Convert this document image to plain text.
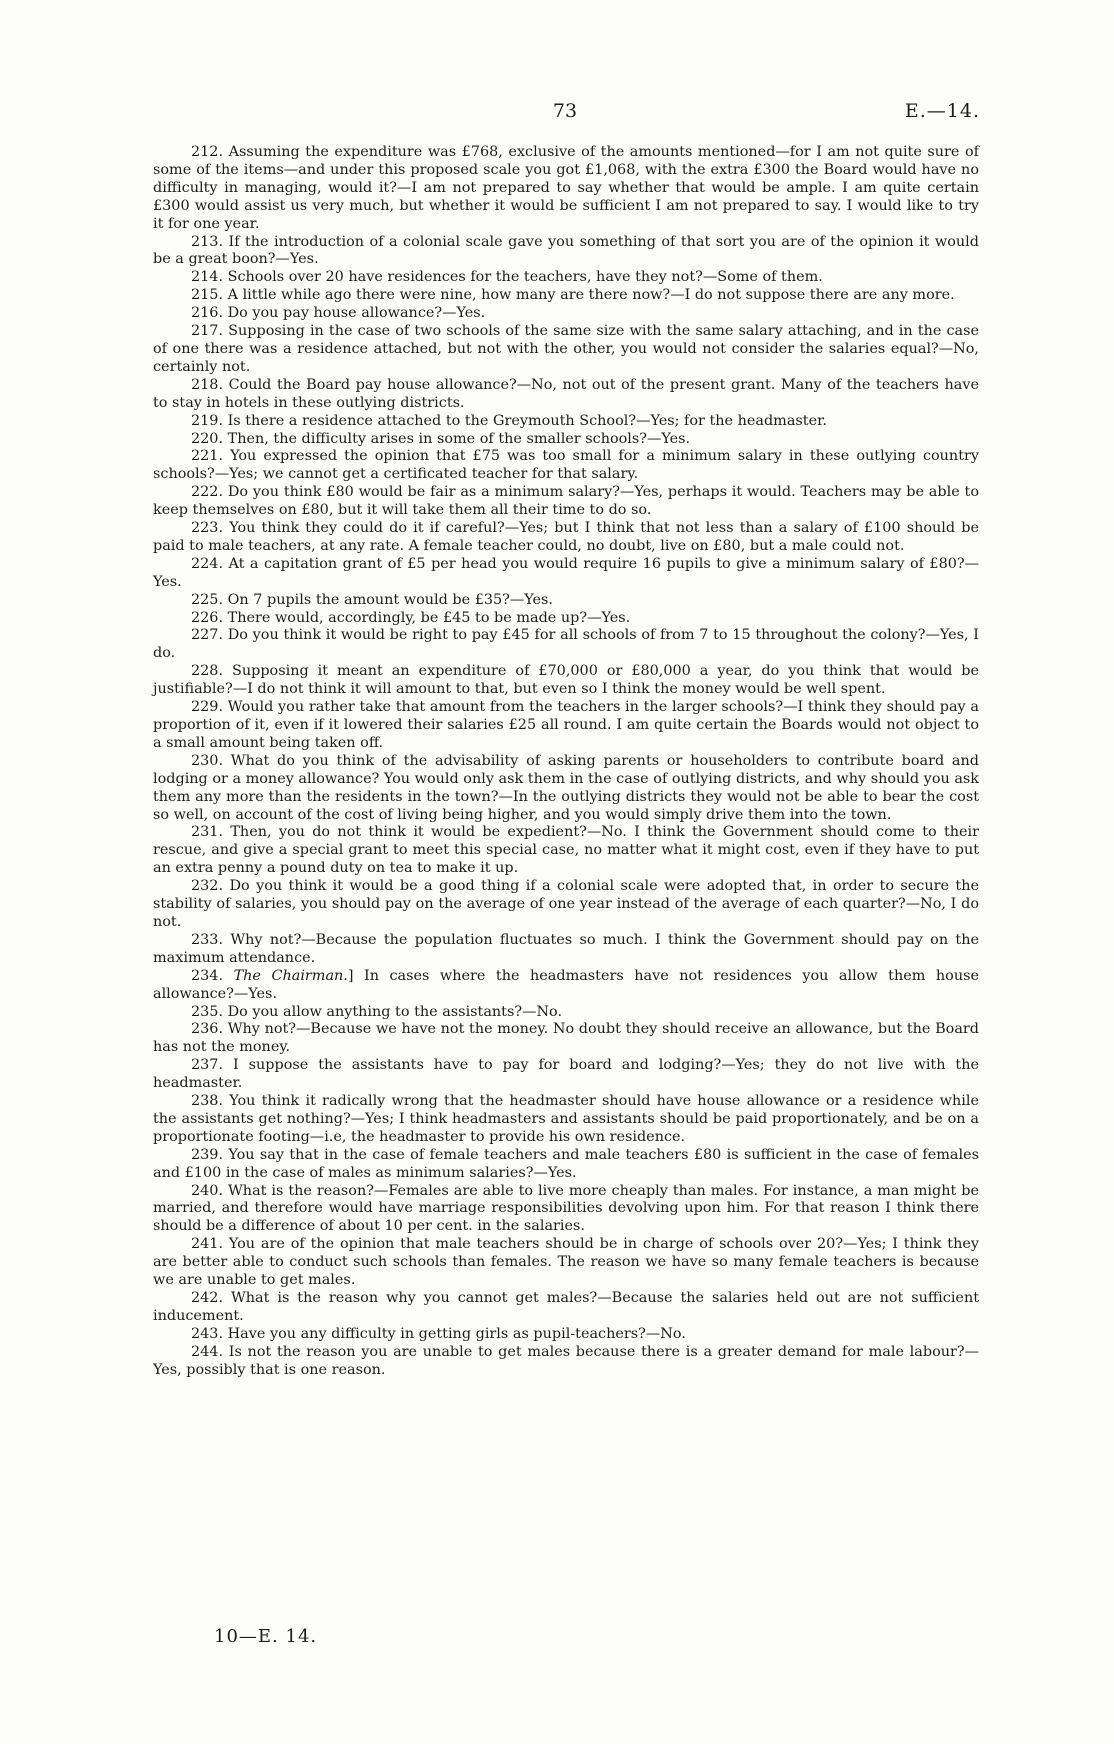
73	E.—14.

212. Assuming the expenditure was £768, exclusive of the amounts mentioned—for I am not quite sure of some of the items—and under this proposed scale you got £1,068, with the extra £300 the Board would have no difficulty in managing, would it?—I am not prepared to say whether that would be ample. I am quite certain £300 would assist us very much, but whether it would be sufficient I am not prepared to say. I would like to try it for one year.

213. If the introduction of a colonial scale gave you something of that sort you are of the opinion it would be a great boon?—Yes.

214. Schools over 20 have residences for the teachers, have they not?—Some of them.

215. A little while ago there were nine, how many are there now?—I do not suppose there are any more.

216. Do you pay house allowance?—Yes.

217. Supposing in the case of two schools of the same size with the same salary attaching, and in the case of one there was a residence attached, but not with the other, you would not consider the salaries equal?—No, certainly not.

218. Could the Board pay house allowance?—No, not out of the present grant. Many of the teachers have to stay in hotels in these outlying districts.

219. Is there a residence attached to the Greymouth School?—Yes; for the headmaster.

220. Then, the difficulty arises in some of the smaller schools?—Yes.

221. You expressed the opinion that £75 was too small for a minimum salary in these outlying country schools?—Yes; we cannot get a certificated teacher for that salary.

222. Do you think £80 would be fair as a minimum salary?—Yes, perhaps it would. Teachers may be able to keep themselves on £80, but it will take them all their time to do so.

223. You think they could do it if careful?—Yes; but I think that not less than a salary of £100 should be paid to male teachers, at any rate. A female teacher could, no doubt, live on £80, but a male could not.

224. At a capitation grant of £5 per head you would require 16 pupils to give a minimum salary of £80?—Yes.

225. On 7 pupils the amount would be £35?—Yes.

226. There would, accordingly, be £45 to be made up?—Yes.

227. Do you think it would be right to pay £45 for all schools of from 7 to 15 throughout the colony?—Yes, I do.

228. Supposing it meant an expenditure of £70,000 or £80,000 a year, do you think that would be justifiable?—I do not think it will amount to that, but even so I think the money would be well spent.

229. Would you rather take that amount from the teachers in the larger schools?—I think they should pay a proportion of it, even if it lowered their salaries £25 all round. I am quite certain the Boards would not object to a small amount being taken off.

230. What do you think of the advisability of asking parents or householders to contribute board and lodging or a money allowance? You would only ask them in the case of outlying districts, and why should you ask them any more than the residents in the town?—In the outlying districts they would not be able to bear the cost so well, on account of the cost of living being higher, and you would simply drive them into the town.

231. Then, you do not think it would be expedient?—No. I think the Government should come to their rescue, and give a special grant to meet this special case, no matter what it might cost, even if they have to put an extra penny a pound duty on tea to make it up.

232. Do you think it would be a good thing if a colonial scale were adopted that, in order to secure the stability of salaries, you should pay on the average of one year instead of the average of each quarter?—No, I do not.

233. Why not?—Because the population fluctuates so much. I think the Government should pay on the maximum attendance.

234. The Chairman.] In cases where the headmasters have not residences you allow them house allowance?—Yes.

235. Do you allow anything to the assistants?—No.

236. Why not?—Because we have not the money. No doubt they should receive an allowance, but the Board has not the money.

237. I suppose the assistants have to pay for board and lodging?—Yes; they do not live with the headmaster.

238. You think it radically wrong that the headmaster should have house allowance or a residence while the assistants get nothing?—Yes; I think headmasters and assistants should be paid proportionately, and be on a proportionate footing—i.e, the headmaster to provide his own residence.

239. You say that in the case of female teachers and male teachers £80 is sufficient in the case of females and £100 in the case of males as minimum salaries?—Yes.

240. What is the reason?—Females are able to live more cheaply than males. For instance, a man might be married, and therefore would have marriage responsibilities devolving upon him. For that reason I think there should be a difference of about 10 per cent. in the salaries.

241. You are of the opinion that male teachers should be in charge of schools over 20?—Yes; I think they are better able to conduct such schools than females. The reason we have so many female teachers is because we are unable to get males.

242. What is the reason why you cannot get males?—Because the salaries held out are not sufficient inducement.

243. Have you any difficulty in getting girls as pupil-teachers?—No.

244. Is not the reason you are unable to get males because there is a greater demand for male labour?—Yes, possibly that is one reason.

10—E. 14.
